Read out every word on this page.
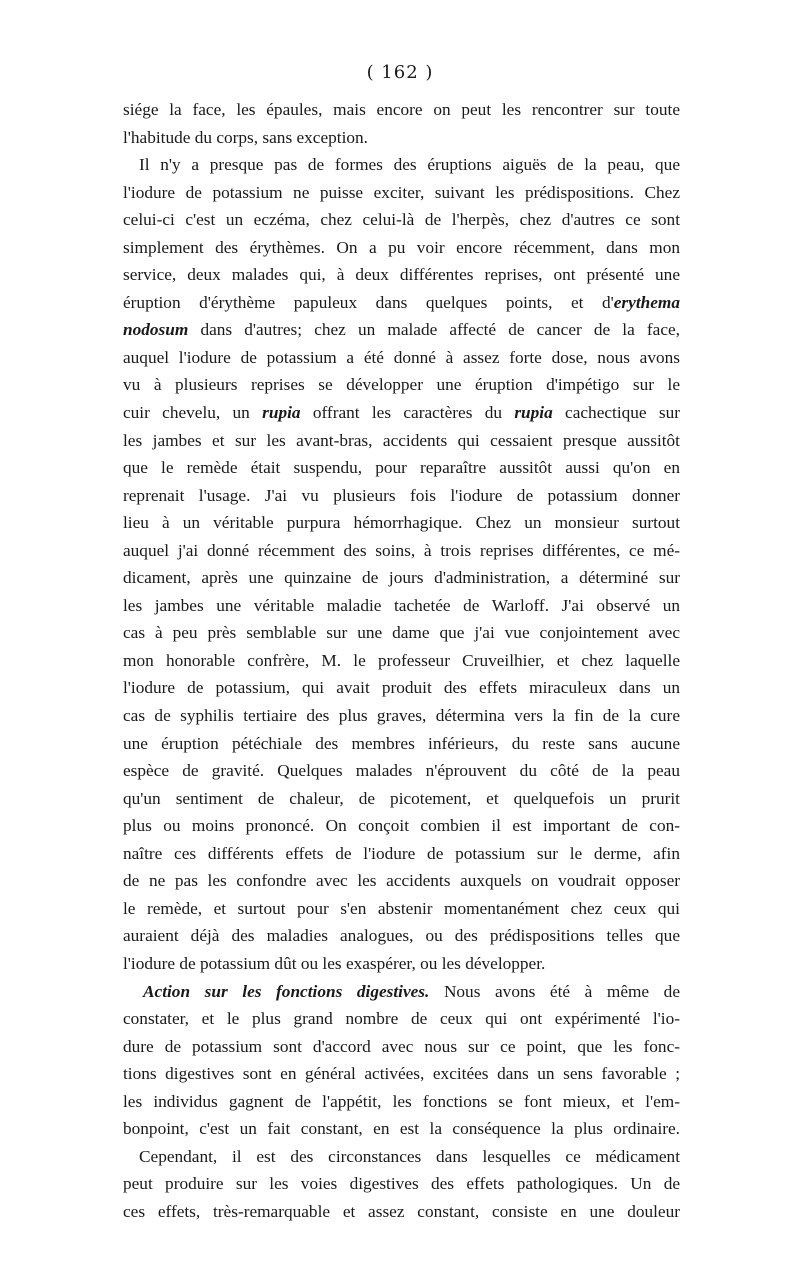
( 162 )
siége la face, les épaules, mais encore on peut les rencontrer sur toute
l'habitude du corps, sans exception.
Il n'y a presque pas de formes des éruptions aiguës de la peau, que
l'iodure de potassium ne puisse exciter, suivant les prédispositions. Chez
celui-ci c'est un eczéma, chez celui-là de l'herpès, chez d'autres ce sont
simplement des érythèmes. On a pu voir encore récemment, dans mon
service, deux malades qui, à deux différentes reprises, ont présenté une
éruption d'érythème papuleux dans quelques points, et d'erythema
nodosum dans d'autres; chez un malade affecté de cancer de la face,
auquel l'iodure de potassium a été donné à assez forte dose, nous avons
vu à plusieurs reprises se développer une éruption d'impétigo sur le
cuir chevelu, un rupia offrant les caractères du rupia cachectique sur
les jambes et sur les avant-bras, accidents qui cessaient presque aussitôt
que le remède était suspendu, pour reparaître aussitôt aussi qu'on en
reprenait l'usage. J'ai vu plusieurs fois l'iodure de potassium donner
lieu à un véritable purpura hémorrhagique. Chez un monsieur surtout
auquel j'ai donné récemment des soins, à trois reprises différentes, ce mé-
dicament, après une quinzaine de jours d'administration, a déterminé sur
les jambes une véritable maladie tachetée de Warloff. J'ai observé un
cas à peu près semblable sur une dame que j'ai vue conjointement avec
mon honorable confrère, M. le professeur Cruveilhier, et chez laquelle
l'iodure de potassium, qui avait produit des effets miraculeux dans un
cas de syphilis tertiaire des plus graves, détermina vers la fin de la cure
une éruption pétéchiale des membres inférieurs, du reste sans aucune
espèce de gravité. Quelques malades n'éprouvent du côté de la peau
qu'un sentiment de chaleur, de picotement, et quelquefois un prurit
plus ou moins prononcé. On conçoit combien il est important de con-
naître ces différents effets de l'iodure de potassium sur le derme, afin
de ne pas les confondre avec les accidents auxquels on voudrait opposer
le remède, et surtout pour s'en abstenir momentanément chez ceux qui
auraient déjà des maladies analogues, ou des prédispositions telles que
l'iodure de potassium dût ou les exaspérer, ou les développer.
Action sur les fonctions digestives. Nous avons été à même de
constater, et le plus grand nombre de ceux qui ont expérimenté l'io-
dure de potassium sont d'accord avec nous sur ce point, que les fonc-
tions digestives sont en général activées, excitées dans un sens favorable ;
les individus gagnent de l'appétit, les fonctions se font mieux, et l'em-
bonpoint, c'est un fait constant, en est la conséquence la plus ordinaire.
Cependant, il est des circonstances dans lesquelles ce médicament
peut produire sur les voies digestives des effets pathologiques. Un de
ces effets, très-remarquable et assez constant, consiste en une douleur
